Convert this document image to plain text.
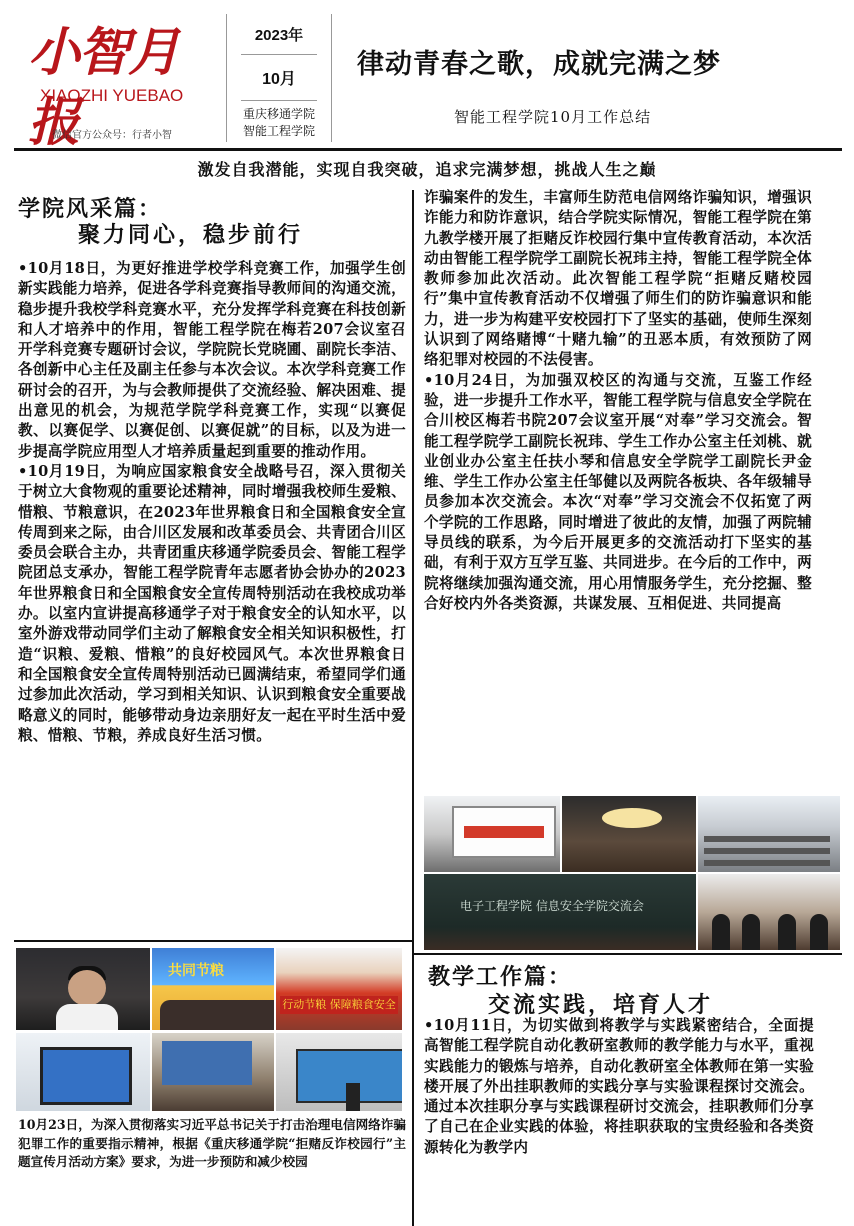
小智月报
XIAOZHI YUEBAO
微信官方公众号：行者小智
2023年
10月
重庆移通学院
智能工程学院
律动青春之歌，成就完满之梦
智能工程学院10月工作总结
激发自我潜能，实现自我突破，追求完满梦想，挑战人生之巅
学院风采篇：
聚力同心，稳步前行

•10月18日，为更好推进学校学科竞赛工作，加强学生创新实践能力培养，促进各学科竞赛指导教师间的沟通交流，稳步提升我校学科竞赛水平，充分发挥学科竞赛在科技创新和人才培养中的作用，智能工程学院在梅若207会议室召开学科竞赛专题研讨会议，学院院长党晓圃、副院长李洁、各创新中心主任及副主任参与本次会议。本次学科竞赛工作研讨会的召开，为与会教师提供了交流经验、解决困难、提出意见的机会，为规范学院学科竞赛工作，实现“以赛促教、以赛促学、以赛促创、以赛促就”的目标，以及为进一步提高学院应用型人才培养质量起到重要的推动作用。

•10月19日，为响应国家粮食安全战略号召，深入贯彻关于树立大食物观的重要论述精神，同时增强我校师生爱粮、惜粮、节粮意识，在2023年世界粮食日和全国粮食安全宣传周到来之际，由合川区发展和改革委员会、共青团合川区委员会联合主办，共青团重庆移通学院委员会、智能工程学院团总支承办，智能工程学院青年志愿者协会协办的2023年世界粮食日和全国粮食安全宣传周特别活动在我校成功举办。以室内宣讲提高移通学子对于粮食安全的认知水平，以室外游戏带动同学们主动了解粮食安全相关知识积极性，打造“识粮、爱粮、惜粮”的良好校园风气。本次世界粮食日和全国粮食安全宣传周特别活动已圆满结束，希望同学们通过参加此次活动，学习到相关知识、认识到粮食安全重要战略意义的同时，能够带动身边亲朋好友一起在平时生活中爱粮、惜粮、节粮，养成良好生活习惯。

共同节粮
行动节粮 保障粮食安全
10月23日，为深入贯彻落实习近平总书记关于打击治理电信网络诈骗犯罪工作的重要指示精神，根据《重庆移通学院“拒赌反诈校园行”主题宣传月活动方案》要求，为进一步预防和减少校园

诈骗案件的发生，丰富师生防范电信网络诈骗知识，增强识诈能力和防诈意识，结合学院实际情况，智能工程学院在第九教学楼开展了拒赌反诈校园行集中宣传教育活动，本次活动由智能工程学院学工副院长祝玮主持，智能工程学院全体教师参加此次活动。此次智能工程学院“拒赌反赌校园行”集中宣传教育活动不仅增强了师生们的防诈骗意识和能力，进一步为构建平安校园打下了坚实的基础，使师生深刻认识到了网络赌博“十赌九输”的丑恶本质，有效预防了网络犯罪对校园的不法侵害。

•10月24日，为加强双校区的沟通与交流，互鉴工作经验，进一步提升工作水平，智能工程学院与信息安全学院在合川校区梅若书院207会议室开展“对奉”学习交流会。智能工程学院学工副院长祝玮、学生工作办公室主任刘桃、就业创业办公室主任扶小琴和信息安全学院学工副院长尹金维、学生工作办公室主任邹健以及两院各板块、各年级辅导员参加本次交流会。本次“对奉”学习交流会不仅拓宽了两个学院的工作思路，同时增进了彼此的友情，加强了两院辅导员线的联系，为今后开展更多的交流活动打下坚实的基础，有利于双方互学互鉴、共同进步。在今后的工作中，两院将继续加强沟通交流，用心用情服务学生，充分挖掘、整合好校内外各类资源，共谋发展、互相促进、共同提高

电子工程学院 信息安全学院交流会
教学工作篇：
交流实践，培育人才

•10月11日，为切实做到将教学与实践紧密结合，全面提高智能工程学院自动化教研室教师的教学能力与水平，重视实践能力的锻炼与培养，自动化教研室全体教师在第一实验楼开展了外出挂职教师的实践分享与实验课程探讨交流会。通过本次挂职分享与实践课程研讨交流会，挂职教师们分享了自己在企业实践的体验，将挂职获取的宝贵经验和各类资源转化为教学内
